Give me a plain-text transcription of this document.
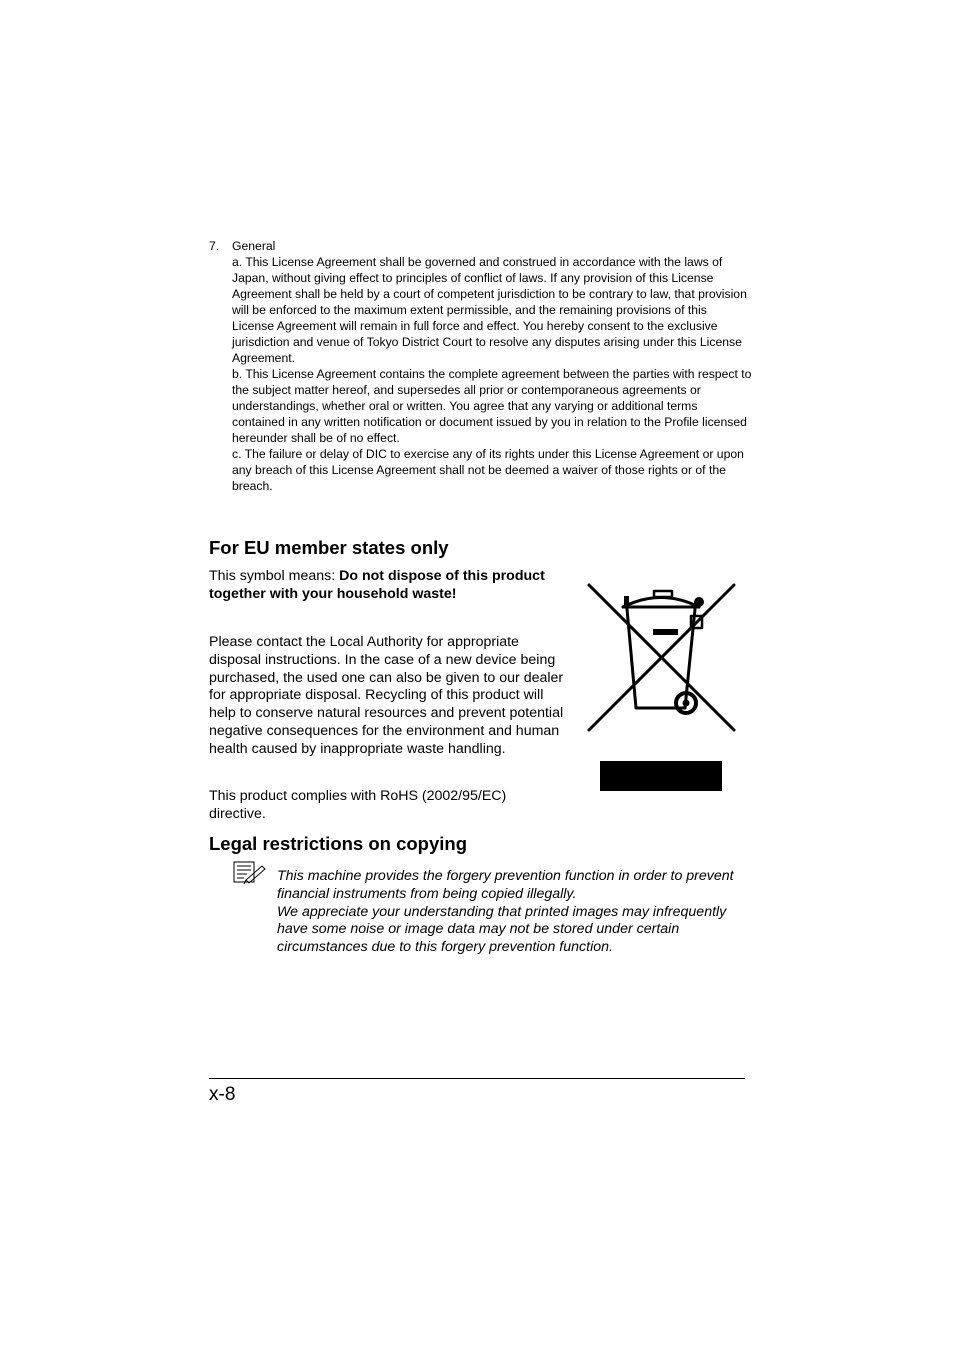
7. General

a. This License Agreement shall be governed and construed in accordance with the laws of Japan, without giving effect to principles of conflict of laws. If any provision of this License Agreement shall be held by a court of competent jurisdiction to be contrary to law, that provision will be enforced to the maximum extent permissible, and the remaining provisions of this License Agreement will remain in full force and effect. You hereby consent to the exclusive jurisdiction and venue of Tokyo District Court to resolve any disputes arising under this License Agreement.

b. This License Agreement contains the complete agreement between the parties with respect to the subject matter hereof, and supersedes all prior or contemporaneous agreements or understandings, whether oral or written. You agree that any varying or additional terms contained in any written notification or document issued by you in relation to the Profile licensed hereunder shall be of no effect.

c. The failure or delay of DIC to exercise any of its rights under this License Agreement or upon any breach of this License Agreement shall not be deemed a waiver of those rights or of the breach.

For EU member states only
This symbol means: Do not dispose of this product together with your household waste!
Please contact the Local Authority for appropriate disposal instructions. In the case of a new device being purchased, the used one can also be given to our dealer for appropriate disposal. Recycling of this product will help to conserve natural resources and prevent potential negative consequences for the environment and human health caused by inappropriate waste handling.
This product complies with RoHS (2002/95/EC) directive.
Legal restrictions on copying

This machine provides the forgery prevention function in order to prevent financial instruments from being copied illegally.

We appreciate your understanding that printed images may infrequently have some noise or image data may not be stored under certain circumstances due to this forgery prevention function.

x-8
